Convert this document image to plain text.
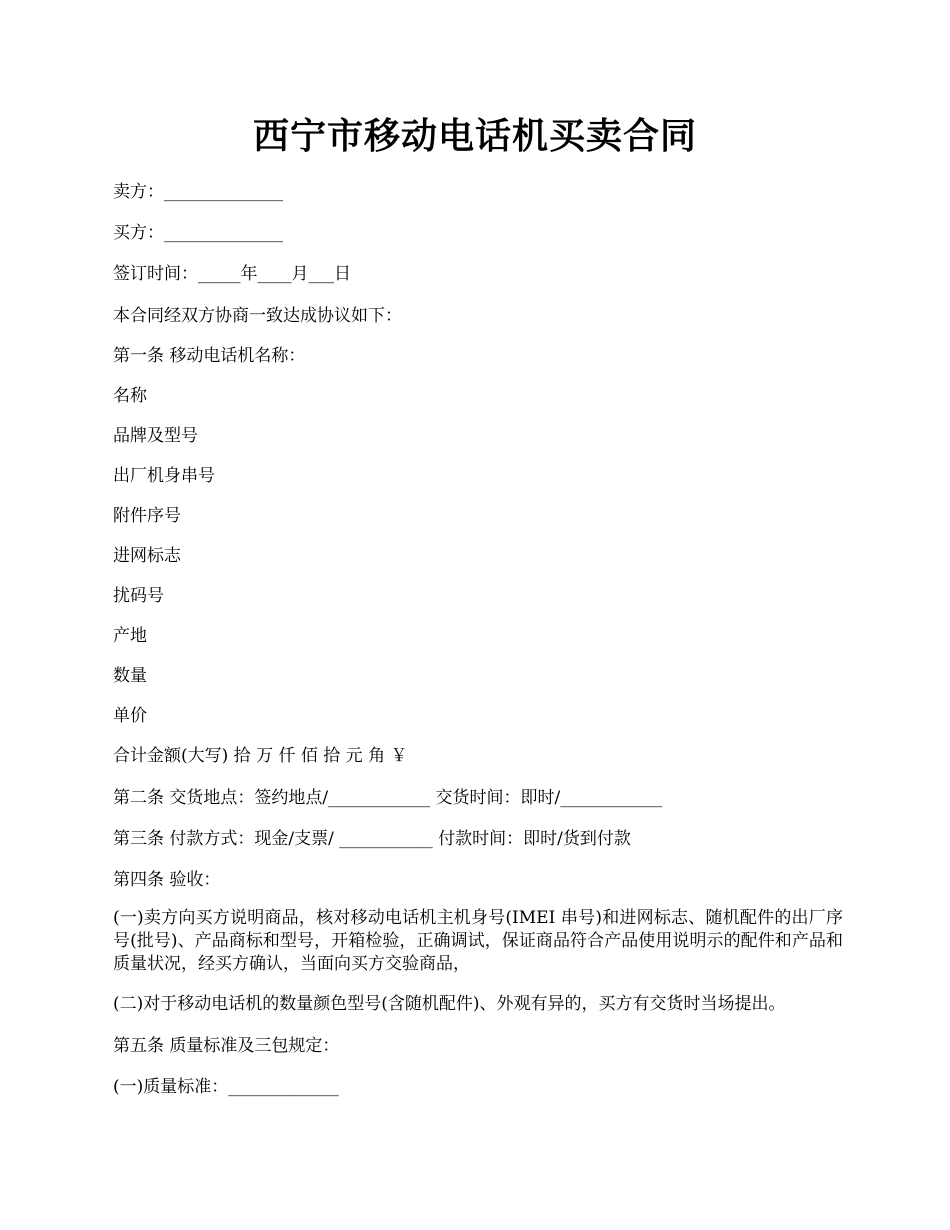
西宁市移动电话机买卖合同
卖方：______________
买方：______________
签订时间：_____年____月___日
本合同经双方协商一致达成协议如下：
第一条 移动电话机名称：
名称
品牌及型号
出厂机身串号
附件序号
进网标志
扰码号
产地
数量
单价
合计金额(大写) 拾 万 仟 佰 拾 元 角 ￥
第二条 交货地点：签约地点/____________ 交货时间：即时/____________
第三条 付款方式：现金/支票/ ___________ 付款时间：即时/货到付款
第四条 验收：
(一)卖方向买方说明商品，核对移动电话机主机身号(IMEI 串号)和进网标志、随机配件的出厂序号(批号)、产品商标和型号，开箱检验，正确调试，保证商品符合产品使用说明示的配件和产品和质量状况，经买方确认，当面向买方交验商品，
(二)对于移动电话机的数量颜色型号(含随机配件)、外观有异的，买方有交货时当场提出。
第五条 质量标准及三包规定：
(一)质量标准：_____________
